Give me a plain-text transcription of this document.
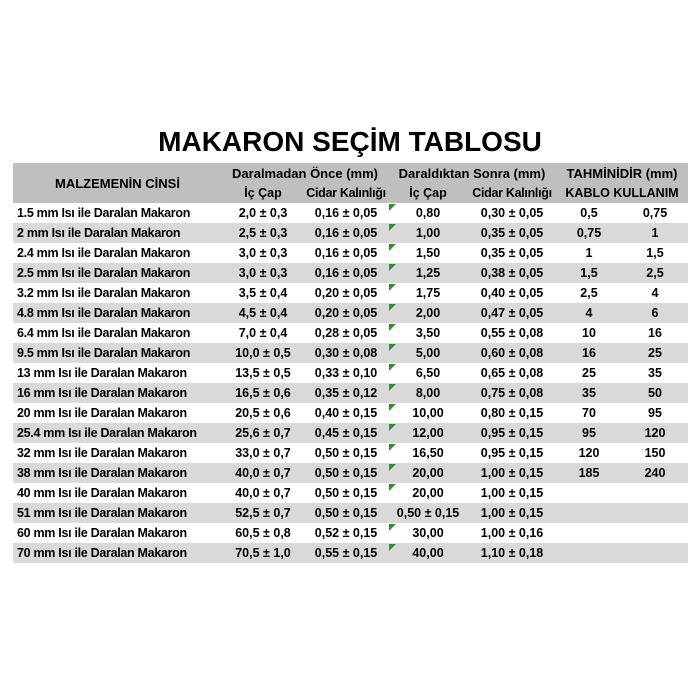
MAKARON SEÇİM TABLOSU
MALZEMENİN CİNSİ
Daralmadan Önce (mm)	Daraldıktan Sonra (mm)	TAHMİNİDİR (mm)
İç Çap	Cidar Kalınlığı	İç Çap	Cidar Kalınlığı	KABLO KULLANIM
1.5 mm Isı ile Daralan Makaron	2,0 ± 0,3	0,16 ± 0,05	0,80	0,30 ± 0,05	0,5	0,75
2 mm Isı ile Daralan Makaron	2,5 ± 0,3	0,16 ± 0,05	1,00	0,35 ± 0,05	0,75	1
2.4 mm Isı ile Daralan Makaron	3,0 ± 0,3	0,16 ± 0,05	1,50	0,35 ± 0,05	1	1,5
2.5 mm Isı ile Daralan Makaron	3,0 ± 0,3	0,16 ± 0,05	1,25	0,38 ± 0,05	1,5	2,5
3.2 mm Isı ile Daralan Makaron	3,5 ± 0,4	0,20 ± 0,05	1,75	0,40 ± 0,05	2,5	4
4.8 mm Isı ile Daralan Makaron	4,5 ± 0,4	0,20 ± 0,05	2,00	0,47 ± 0,05	4	6
6.4 mm Isı ile Daralan Makaron	7,0 ± 0,4	0,28 ± 0,05	3,50	0,55 ± 0,08	10	16
9.5 mm Isı ile Daralan Makaron	10,0 ± 0,5	0,30 ± 0,08	5,00	0,60 ± 0,08	16	25
13 mm Isı ile Daralan Makaron	13,5 ± 0,5	0,33 ± 0,10	6,50	0,65 ± 0,08	25	35
16 mm Isı ile Daralan Makaron	16,5 ± 0,6	0,35 ± 0,12	8,00	0,75 ± 0,08	35	50
20 mm Isı ile Daralan Makaron	20,5 ± 0,6	0,40 ± 0,15	10,00	0,80 ± 0,15	70	95
25.4 mm Isı ile Daralan Makaron	25,6 ± 0,7	0,45 ± 0,15	12,00	0,95 ± 0,15	95	120
32 mm Isı ile Daralan Makaron	33,0 ± 0,7	0,50 ± 0,15	16,50	0,95 ± 0,15	120	150
38 mm Isı ile Daralan Makaron	40,0 ± 0,7	0,50 ± 0,15	20,00	1,00 ± 0,15	185	240
40 mm Isı ile Daralan Makaron	40,0 ± 0,7	0,50 ± 0,15	20,00	1,00 ± 0,15
51 mm Isı ile Daralan Makaron	52,5 ± 0,7	0,50 ± 0,15	0,50 ± 0,15	1,00 ± 0,15
60 mm Isı ile Daralan Makaron	60,5 ± 0,8	0,52 ± 0,15	30,00	1,00 ± 0,16
70 mm Isı ile Daralan Makaron	70,5 ± 1,0	0,55 ± 0,15	40,00	1,10 ± 0,18
